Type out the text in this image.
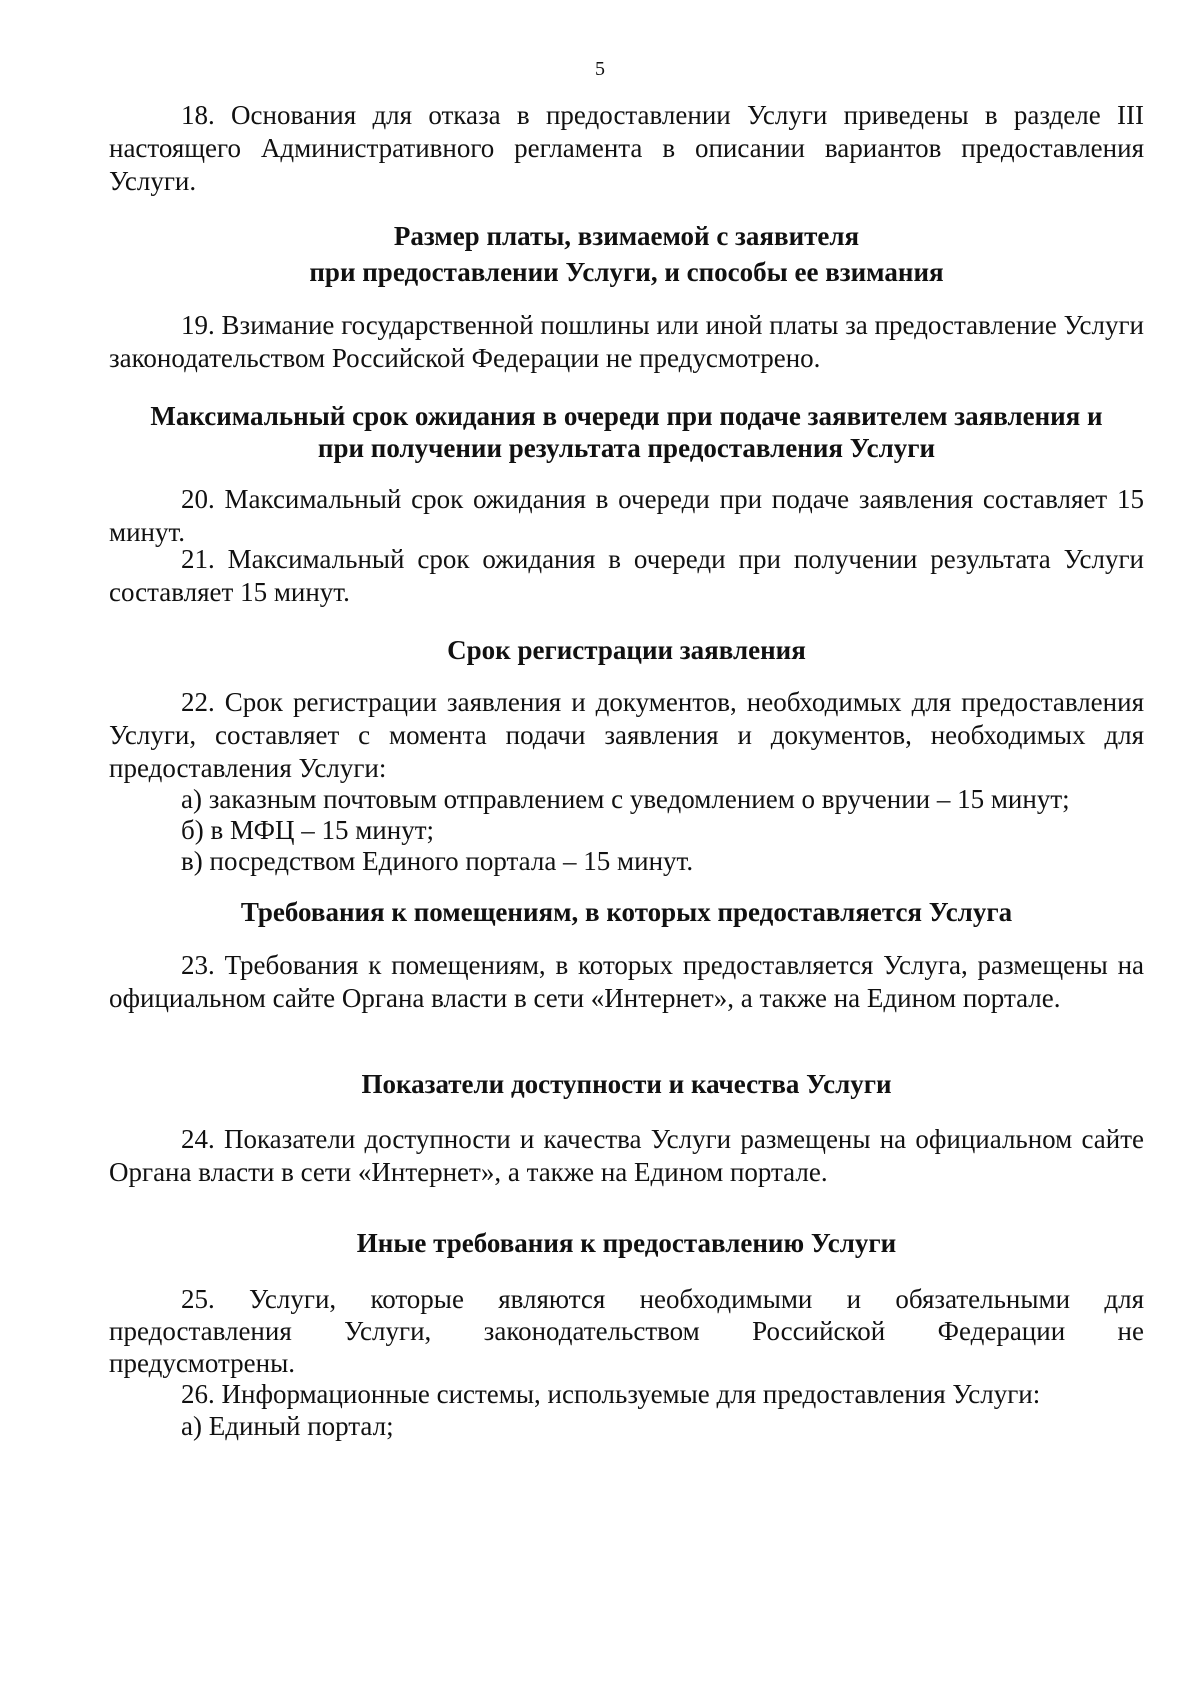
5
18. Основания для отказа в предоставлении Услуги приведены в разделе III настоящего Административного регламента в описании вариантов предоставления Услуги.
Размер платы, взимаемой с заявителя
при предоставлении Услуги, и способы ее взимания
19. Взимание государственной пошлины или иной платы за предоставление Услуги законодательством Российской Федерации не предусмотрено.
Максимальный срок ожидания в очереди при подаче заявителем заявления и
при получении результата предоставления Услуги
20. Максимальный срок ожидания в очереди при подаче заявления составляет 15 минут.
21. Максимальный срок ожидания в очереди при получении результата Услуги составляет 15 минут.
Срок регистрации заявления
22. Срок регистрации заявления и документов, необходимых для предоставления Услуги, составляет с момента подачи заявления и документов, необходимых для предоставления Услуги:
а) заказным почтовым отправлением с уведомлением о вручении – 15 минут;
б) в МФЦ – 15 минут;
в) посредством Единого портала – 15 минут.
Требования к помещениям, в которых предоставляется Услуга
23. Требования к помещениям, в которых предоставляется Услуга, размещены на официальном сайте Органа власти в сети «Интернет», а также на Едином портале.
Показатели доступности и качества Услуги
24. Показатели доступности и качества Услуги размещены на официальном сайте Органа власти в сети «Интернет», а также на Едином портале.
Иные требования к предоставлению Услуги
25. Услуги, которые являются необходимыми и обязательными для
предоставления Услуги, законодательством Российской Федерации не
предусмотрены.
26. Информационные системы, используемые для предоставления Услуги:
а) Единый портал;
